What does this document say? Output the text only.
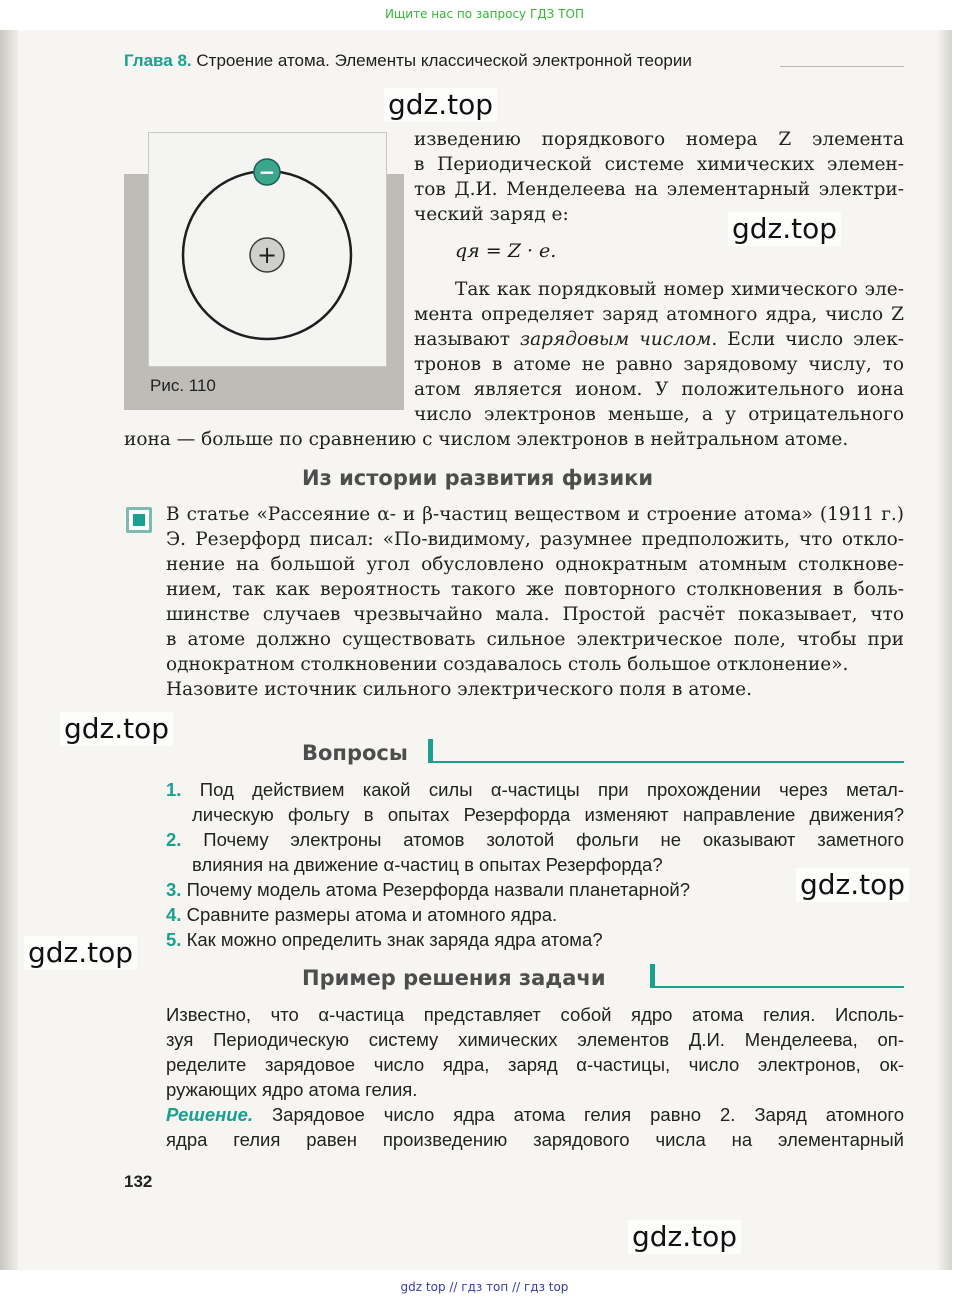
Ищите нас по запросу ГДЗ ТОП
Глава 8. Строение атома. Элементы классической электронной теории
+
−
Рис. 110
изведению порядкового номера Z элемента
в Периодической системе химических элемен-
тов Д.И. Менделеева на элементарный электри-
ческий заряд e:
qя = Z · e.
Так как порядковый номер химического эле-
мента определяет заряд атомного ядра, число Z
называют зарядовым числом. Если число элек-
тронов в атоме не равно зарядовому числу, то
атом является ионом. У положительного иона
число электронов меньше, а у отрицательного
иона — больше по сравнению с числом электронов в нейтральном атоме.
Из истории развития физики
В статье «Рассеяние α- и β-частиц веществом и строение атома» (1911 г.)
Э. Резерфорд писал: «По-видимому, разумнее предположить, что откло-
нение на большой угол обусловлено однократным атомным столкнове-
нием, так как вероятность такого же повторного столкновения в боль-
шинстве случаев чрезвычайно мала. Простой расчёт показывает, что
в атоме должно существовать сильное электрическое поле, чтобы при
однократном столкновении создавалось столь большое отклонение».
Назовите источник сильного электрического поля в атоме.
Вопросы
1. Под действием какой силы α-частицы при прохождении через метал-
лическую фольгу в опытах Резерфорда изменяют направление движения?
2. Почему электроны атомов золотой фольги не оказывают заметного
влияния на движение α-частиц в опытах Резерфорда?
3. Почему модель атома Резерфорда назвали планетарной?
4. Сравните размеры атома и атомного ядра.
5. Как можно определить знак заряда ядра атома?
Пример решения задачи
Известно, что α-частица представляет собой ядро атома гелия. Исполь-
зуя Периодическую систему химических элементов Д.И. Менделеева, оп-
ределите зарядовое число ядра, заряд α-частицы, число электронов, ок-
ружающих ядро атома гелия.
Решение. Зарядовое число ядра атома гелия равно 2. Заряд атомного
ядра гелия равен произведению зарядового числа на элементарный
132
gdz.top
gdz.top
gdz.top
gdz.top
gdz.top
gdz.top
gdz top // гдз топ // гдз top
